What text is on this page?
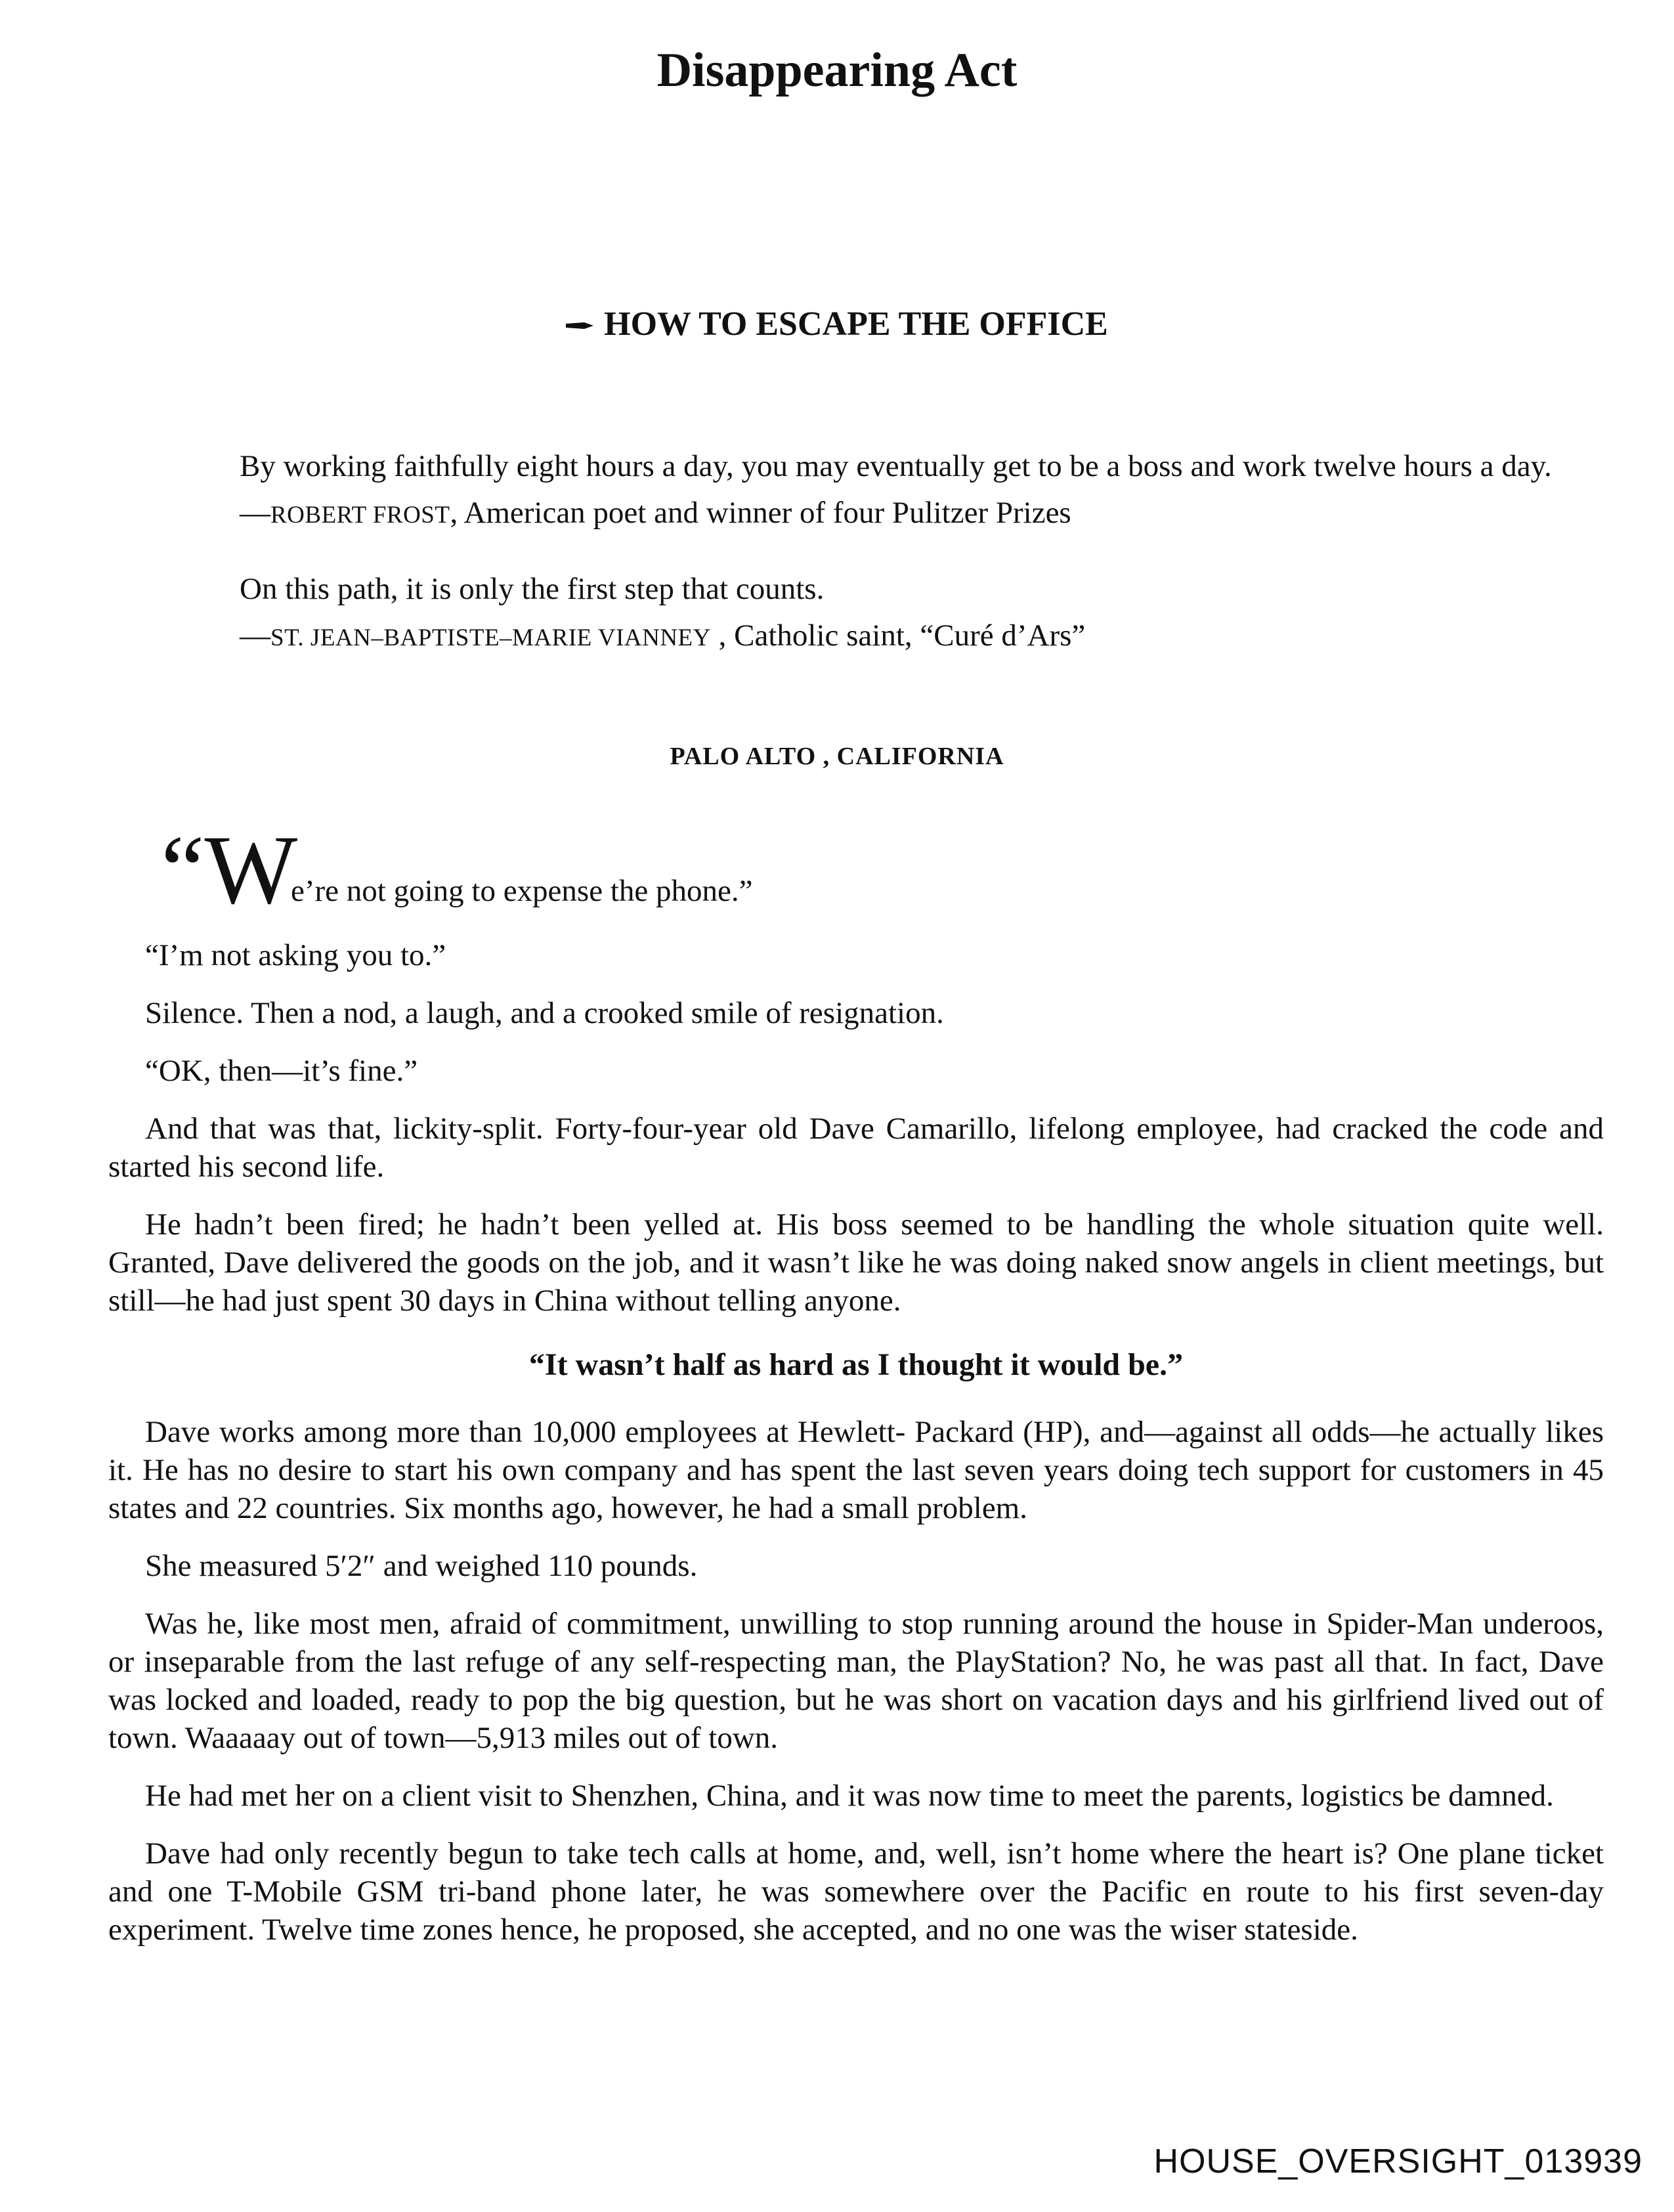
Disappearing Act
HOW TO ESCAPE THE OFFICE

By working faithfully eight hours a day, you may eventually get to be a boss and work twelve hours a day.

—ROBERT FROST, American poet and winner of four Pulitzer Prizes

On this path, it is only the first step that counts.

—ST. JEAN–BAPTISTE–MARIE VIANNEY , Catholic saint, “Curé d’Ars”

PALO ALTO , CALIFORNIA
“W
e’re not going to expense the phone.”

“I’m not asking you to.”

Silence. Then a nod, a laugh, and a crooked smile of resignation.

“OK, then—it’s fine.”

And that was that, lickity-split. Forty-four-year old Dave Camarillo, lifelong employee, had cracked the code and started his second life.

He hadn’t been fired; he hadn’t been yelled at. His boss seemed to be handling the whole situation quite well. Granted, Dave delivered the goods on the job, and it wasn’t like he was doing naked snow angels in client meetings, but still—he had just spent 30 days in China without telling anyone.

“It wasn’t half as hard as I thought it would be.”

Dave works among more than 10,000 employees at Hewlett- Packard (HP), and—against all odds—he actually likes it. He has no desire to start his own company and has spent the last seven years doing tech support for customers in 45 states and 22 countries. Six months ago, however, he had a small problem.

She measured 5′2″ and weighed 110 pounds.

Was he, like most men, afraid of commitment, unwilling to stop running around the house in Spider-Man underoos, or inseparable from the last refuge of any self-respecting man, the PlayStation? No, he was past all that. In fact, Dave was locked and loaded, ready to pop the big question, but he was short on vacation days and his girlfriend lived out of town. Waaaaay out of town—5,913 miles out of town.

He had met her on a client visit to Shenzhen, China, and it was now time to meet the parents, logistics be damned.

Dave had only recently begun to take tech calls at home, and, well, isn’t home where the heart is? One plane ticket and one T-Mobile GSM tri-band phone later, he was somewhere over the Pacific en route to his first seven-day experiment. Twelve time zones hence, he proposed, she accepted, and no one was the wiser stateside.

HOUSE_OVERSIGHT_013939
